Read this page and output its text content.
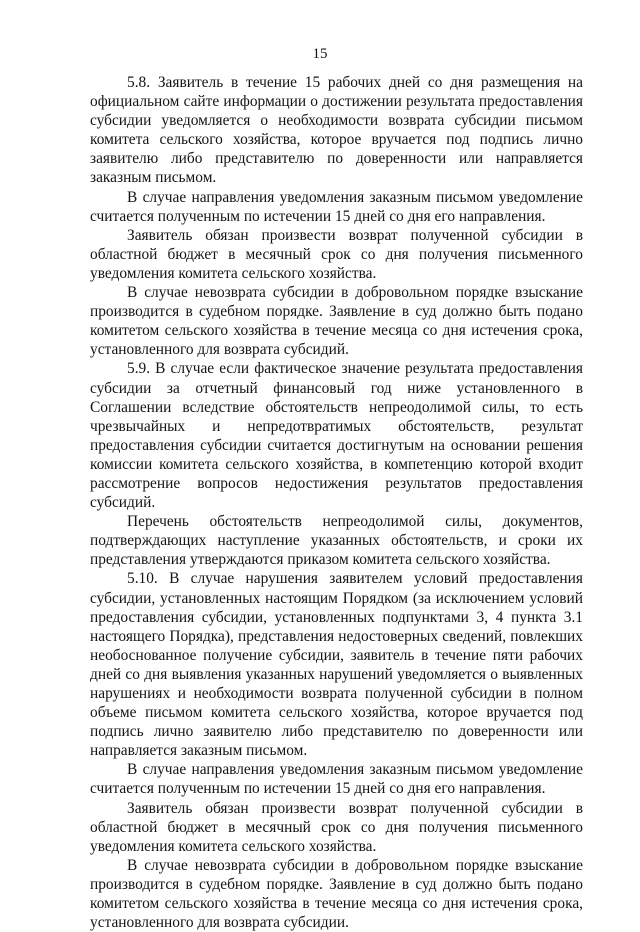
15

5.8. Заявитель в течение 15 рабочих дней со дня размещения на официальном сайте информации о достижении результата предоставления субсидии уведомляется о необходимости возврата субсидии письмом комитета сельского хозяйства, которое вручается под подпись лично заявителю либо представителю по доверенности или направляется заказным письмом.

В случае направления уведомления заказным письмом уведомление считается полученным по истечении 15 дней со дня его направления.

Заявитель обязан произвести возврат полученной субсидии в областной бюджет в месячный срок со дня получения письменного уведомления комитета сельского хозяйства.

В случае невозврата субсидии в добровольном порядке взыскание производится в судебном порядке. Заявление в суд должно быть подано комитетом сельского хозяйства в течение месяца со дня истечения срока, установленного для возврата субсидий.

5.9. В случае если фактическое значение результата предоставления субсидии за отчетный финансовый год ниже установленного в Соглашении вследствие обстоятельств непреодолимой силы, то есть чрезвычайных и непредотвратимых обстоятельств, результат предоставления субсидии считается достигнутым на основании решения комиссии комитета сельского хозяйства, в компетенцию которой входит рассмотрение вопросов недостижения результатов предоставления субсидий.

Перечень обстоятельств непреодолимой силы, документов, подтверждающих наступление указанных обстоятельств, и сроки их представления утверждаются приказом комитета сельского хозяйства.

5.10. В случае нарушения заявителем условий предоставления субсидии, установленных настоящим Порядком (за исключением условий предоставления субсидии, установленных подпунктами 3, 4 пункта 3.1 настоящего Порядка), представления недостоверных сведений, повлекших необоснованное получение субсидии, заявитель в течение пяти рабочих дней со дня выявления указанных нарушений уведомляется о выявленных нарушениях и необходимости возврата полученной субсидии в полном объеме письмом комитета сельского хозяйства, которое вручается под подпись лично заявителю либо представителю по доверенности или направляется заказным письмом.

В случае направления уведомления заказным письмом уведомление считается полученным по истечении 15 дней со дня его направления.

Заявитель обязан произвести возврат полученной субсидии в областной бюджет в месячный срок со дня получения письменного уведомления комитета сельского хозяйства.

В случае невозврата субсидии в добровольном порядке взыскание производится в судебном порядке. Заявление в суд должно быть подано комитетом сельского хозяйства в течение месяца со дня истечения срока, установленного для возврата субсидии.
